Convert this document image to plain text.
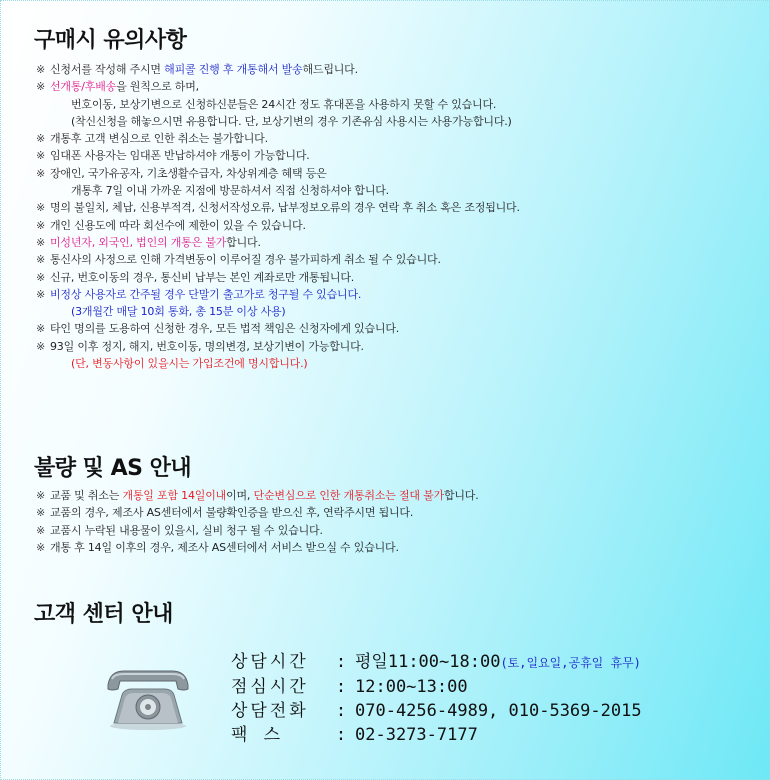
구매시 유의사항
※ 신청서를 작성해 주시면 해피콜 진행 후 개통해서 발송해드립니다.
※ 선개통/후배송을 원칙으로 하며,
번호이동, 보상기변으로 신청하신분들은 24시간 정도 휴대폰을 사용하지 못할 수 있습니다.
(착신신청을 해놓으시면 유용합니다. 단, 보상기변의 경우 기존유심 사용시는 사용가능합니다.)
※ 개통후 고객 변심으로 인한 취소는 불가합니다.
※ 임대폰 사용자는 임대폰 반납하셔야 개통이 가능합니다.
※ 장애인, 국가유공자, 기초생활수급자, 차상위계층 혜택 등은
개통후 7일 이내 가까운 지점에 방문하셔서 직접 신청하셔야 합니다.
※ 명의 불일치, 체납, 신용부적격, 신청서작성오류, 납부정보오류의 경우 연락 후 취소 혹은 조정됩니다.
※ 개인 신용도에 따라 회선수에 제한이 있을 수 있습니다.
※ 미성년자, 외국인, 법인의 개통은 불가합니다.
※ 통신사의 사정으로 인해 가격변동이 이루어질 경우 불가피하게 취소 될 수 있습니다.
※ 신규, 번호이동의 경우, 통신비 납부는 본인 계좌로만 개통됩니다.
※ 비정상 사용자로 간주될 경우 단말기 출고가로 청구될 수 있습니다.
(3개월간 매달 10회 통화, 총 15분 이상 사용)
※ 타인 명의를 도용하여 신청한 경우, 모든 법적 책임은 신청자에게 있습니다.
※ 93일 이후 정지, 해지, 번호이동, 명의변경, 보상기변이 가능합니다.
(단, 변동사항이 있을시는 가입조건에 명시합니다.)
불량 및 AS 안내
※ 교품 및 취소는 개통일 포함 14일이내이며, 단순변심으로 인한 개통취소는 절대 불가합니다.
※ 교품의 경우, 제조사 AS센터에서 불량확인증을 받으신 후, 연락주시면 됩니다.
※ 교품시 누락된 내용물이 있을시, 실비 청구 될 수 있습니다.
※ 개통 후 14일 이후의 경우, 제조사 AS센터에서 서비스 받으실 수 있습니다.
고객 센터 안내
상담시간 : 평일11:00~18:00(토,일요일,공휴일 휴무)
점심시간 : 12:00~13:00
상담전화 : 070-4256-4989, 010-5369-2015
팩 스	: 02-3273-7177
